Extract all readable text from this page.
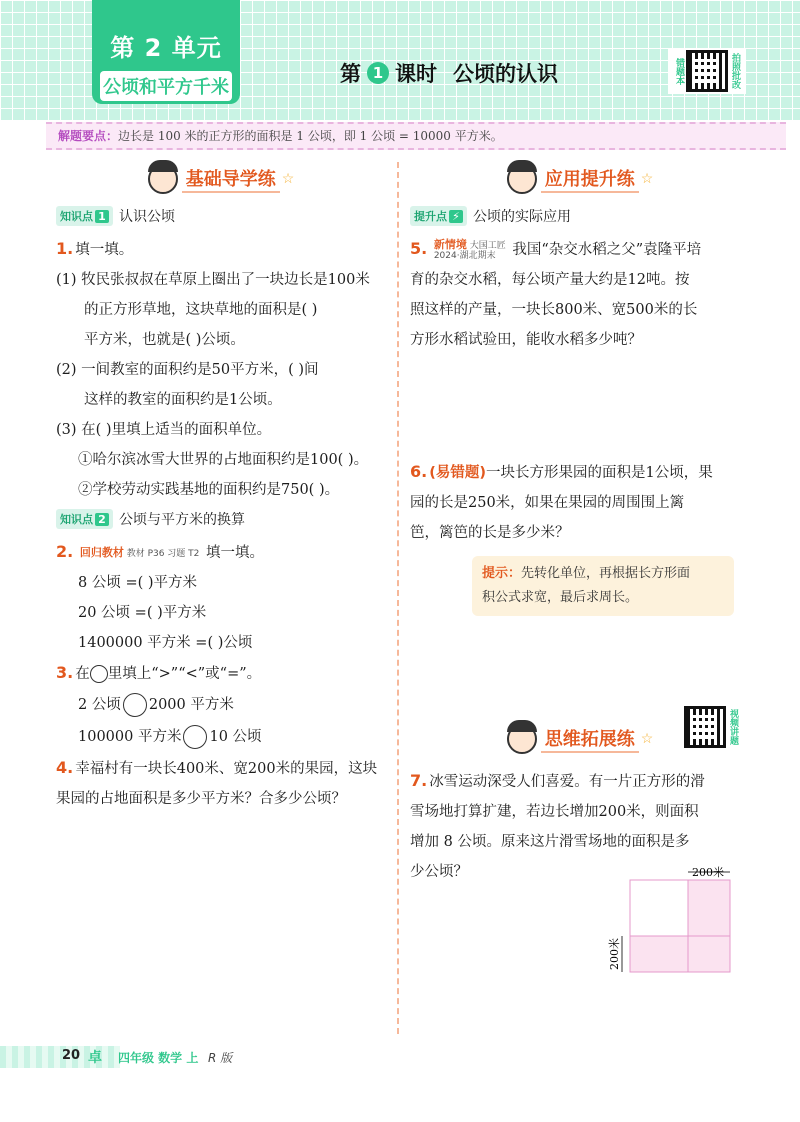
第 2 单元
公顷和平方千米
第 1 课时 公顷的认识	错题本	拍照批改
解题要点：边长是 100 米的正方形的面积是 1 公顷，即 1 公顷 = 10000 平方米。
基础导学练 ☆
知识点 1 认识公顷
1. 填一填。
(1) 牧民张叔叔在草原上圈出了一块边长是100米
的正方形草地，这块草地的面积是( )
平方米，也就是( )公顷。
(2) 一间教室的面积约是50平方米，( )间
这样的教室的面积约是1公顷。
(3) 在( )里填上适当的面积单位。
①哈尔滨冰雪大世界的占地面积约是100( )。
②学校劳动实践基地的面积约是750( )。
知识点 2 公顷与平方米的换算
2. 回归教材 教材 P36 习题 T2 填一填。
8 公顷 =( )平方米
20 公顷 =( )平方米
1400000 平方米 =( )公顷
3. 在 里填上“>”“<”或“=”。
2 公顷 2000 平方米
100000 平方米 10 公顷
4. 幸福村有一块长400米、宽200米的果园，这块
果园的占地面积是多少平方米？合多少公顷？
应用提升练 ☆
提升点 ⚡ 公顷的实际应用
5. 新情境 大国工匠
2024·湖北期末 我国“杂交水稻之父”袁隆平培
育的杂交水稻，每公顷产量大约是12吨。按
照这样的产量，一块长800米、宽500米的长
方形水稻试验田，能收水稻多少吨？
6. (易错题)一块长方形果园的面积是1公顷，果
园的长是250米，如果在果园的周围围上篱
笆，篱笆的长是多少米？
提示：先转化单位，再根据长方形面
积公式求宽，最后求周长。
思维拓展练 ☆	视频讲题
7. 冰雪运动深受人们喜爱。有一片正方形的滑
雪场地打算扩建，若边长增加200米，则面积
增加 8 公顷。原来这片滑雪场地的面积是多
少公顷？	200米
200米
20 卓 四年级 数学 上 R 版
